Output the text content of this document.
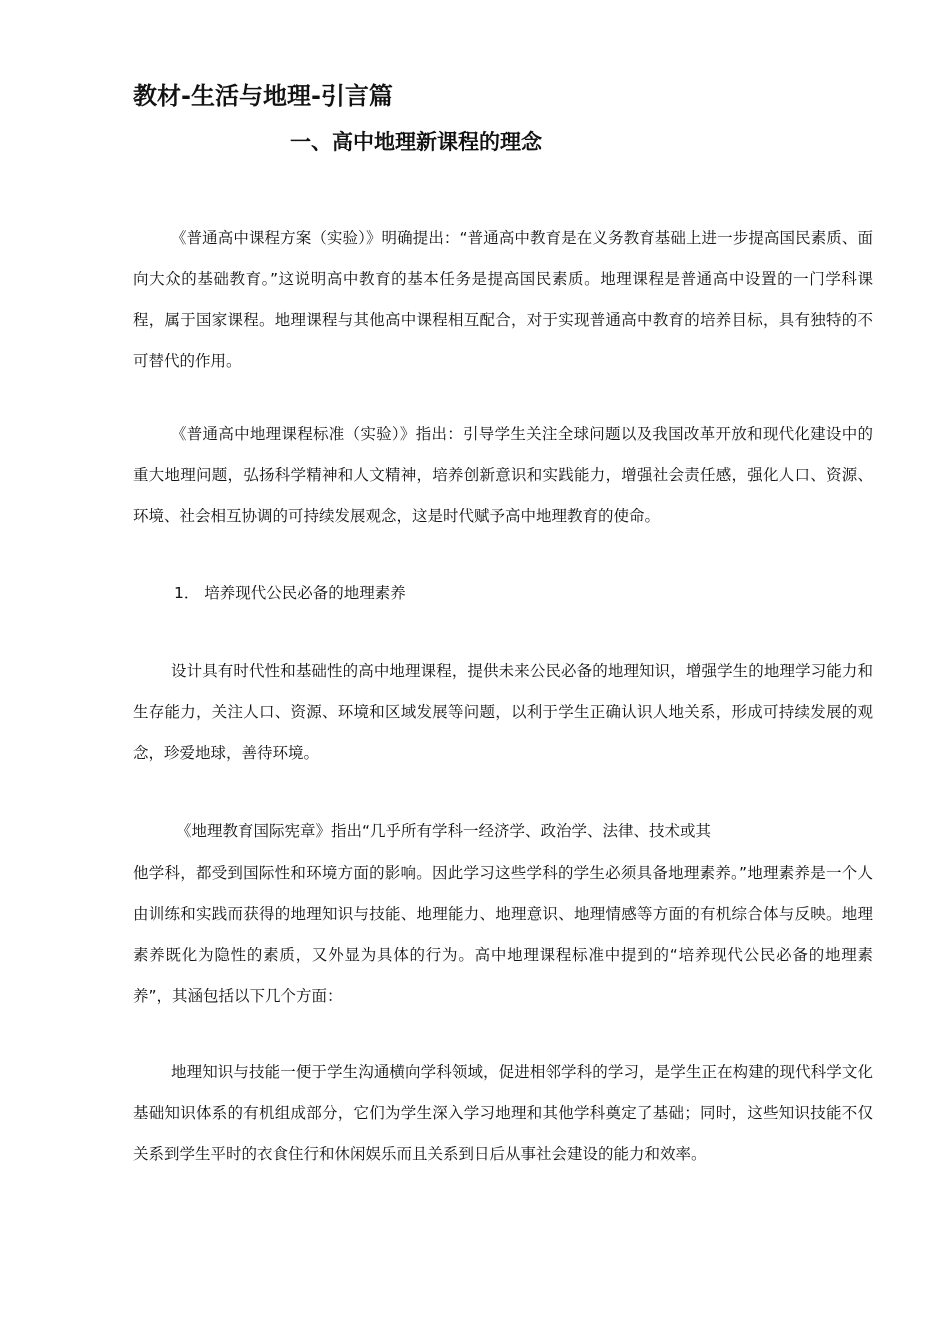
教材-生活与地理-引言篇
一、高中地理新课程的理念

《普通高中课程方案（实验）》明确提出：“普通高中教育是在义务教育基础上进一步提高国民素质、面向大众的基础教育。”这说明高中教育的基本任务是提高国民素质。地理课程是普通高中设置的一门学科课程，属于国家课程。地理课程与其他高中课程相互配合，对于实现普通高中教育的培养目标，具有独特的不可替代的作用。

《普通高中地理课程标准（实验）》指出：引导学生关注全球问题以及我国改革开放和现代化建设中的重大地理问题，弘扬科学精神和人文精神，培养创新意识和实践能力，增强社会责任感，强化人口、资源、环境、社会相互协调的可持续发展观念，这是时代赋予高中地理教育的使命。

1． 培养现代公民必备的地理素养

设计具有时代性和基础性的高中地理课程，提供未来公民必备的地理知识，增强学生的地理学习能力和生存能力，关注人口、资源、环境和区域发展等问题，以利于学生正确认识人地关系，形成可持续发展的观念，珍爱地球，善待环境。

《地理教育国际宪章》指出“几乎所有学科一经济学、政治学、法律、技术或其

他学科，都受到国际性和环境方面的影响。因此学习这些学科的学生必须具备地理素养。”地理素养是一个人由训练和实践而获得的地理知识与技能、地理能力、地理意识、地理情感等方面的有机综合体与反映。地理素养既化为隐性的素质，又外显为具体的行为。高中地理课程标准中提到的“培养现代公民必备的地理素养”，其涵包括以下几个方面：

地理知识与技能一便于学生沟通横向学科领域，促进相邻学科的学习，是学生正在构建的现代科学文化基础知识体系的有机组成部分，它们为学生深入学习地理和其他学科奠定了基础；同时，这些知识技能不仅关系到学生平时的衣食住行和休闲娱乐而且关系到日后从事社会建设的能力和效率。
